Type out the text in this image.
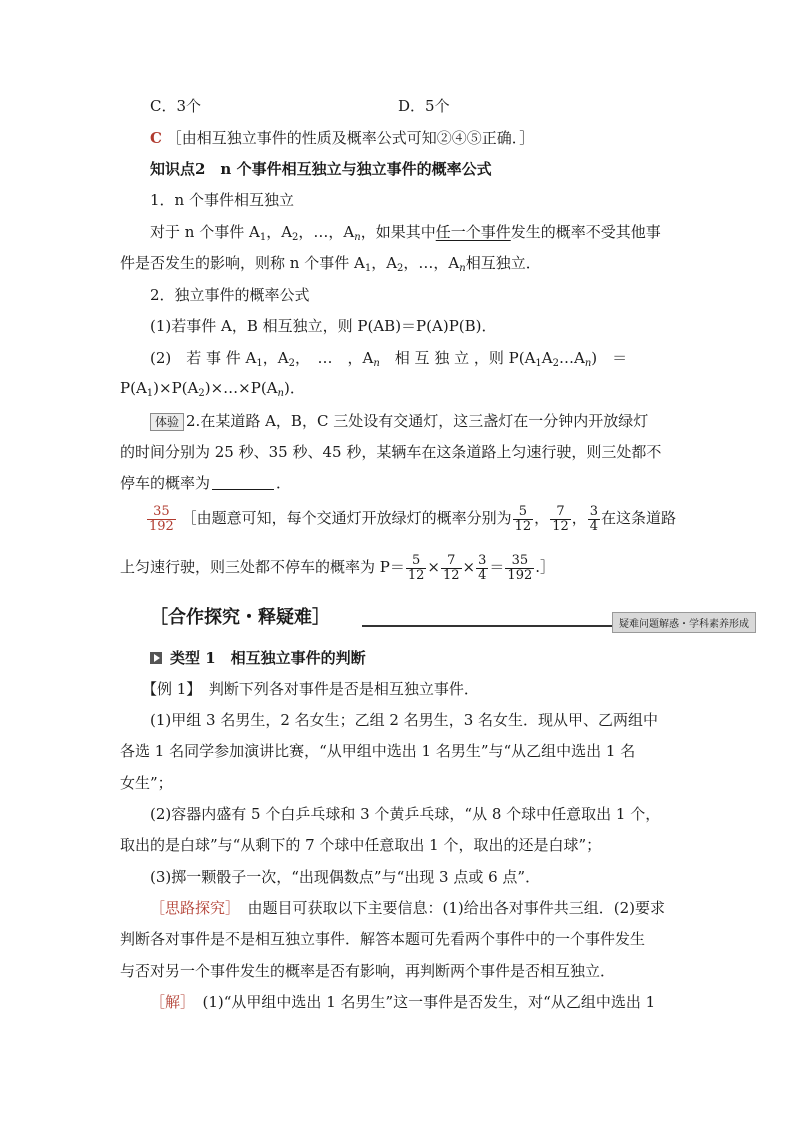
C．3个	D．5个
C ［由相互独立事件的性质及概率公式可知②④⑤正确．］
知识点2　n 个事件相互独立与独立事件的概率公式
1．n 个事件相互独立
对于 n 个事件 $A_1$，$A_2$，…，$A_n$，如果其中任一个事件发生的概率不受其他事
件是否发生的影响，则称 n 个事件 $A_1$，$A_2$，…，$A_n$相互独立．
2．独立事件的概率公式
(1)若事件 A，B 相互独立，则 P(AB)＝P(A)P(B)．
(2)　若 事 件 $A_1$，$A_2$，　…　，$A_n$　相 互 独 立 ，则 $P(A_1A_2\dots A_n)$　＝
$P(A_1)\times P(A_2)\times\dots\times P(A_n)$．
体验 2.在某道路 A，B，C 三处设有交通灯，这三盏灯在一分钟内开放绿灯
的时间分别为 25 秒、35 秒、45 秒，某辆车在这条道路上匀速行驶，则三处都不
停车的概率为	．
$\frac{35}{192}$ ［由题意可知，每个交通灯开放绿灯的概率分别为 $\frac{5}{12}$ ， $\frac{7}{12}$ ， $\frac{3}{4}$ 在这条道路
上匀速行驶，则三处都不停车的概率为 $P= \frac{5}{12} \times \frac{7}{12} \times \frac{3}{4} = \frac{35}{192}$ .］
［合作探究・释疑难］	疑难问题解惑・学科素养形成
类型 1　相互独立事件的判断
【例 1】　判断下列各对事件是否是相互独立事件．
(1)甲组 3 名男生，2 名女生；乙组 2 名男生，3 名女生．现从甲、乙两组中
各选 1 名同学参加演讲比赛，“从甲组中选出 1 名男生”与“从乙组中选出 1 名
女生”；
(2)容器内盛有 5 个白乒乓球和 3 个黄乒乓球，“从 8 个球中任意取出 1 个，
取出的是白球”与“从剩下的 7 个球中任意取出 1 个，取出的还是白球”；
(3)掷一颗骰子一次，“出现偶数点”与“出现 3 点或 6 点”．
［思路探究］　由题目可获取以下主要信息：(1)给出各对事件共三组．(2)要求
判断各对事件是不是相互独立事件．解答本题可先看两个事件中的一个事件发生
与否对另一个事件发生的概率是否有影响，再判断两个事件是否相互独立．
［解］　(1)“从甲组中选出 1 名男生”这一事件是否发生，对“从乙组中选出 1
